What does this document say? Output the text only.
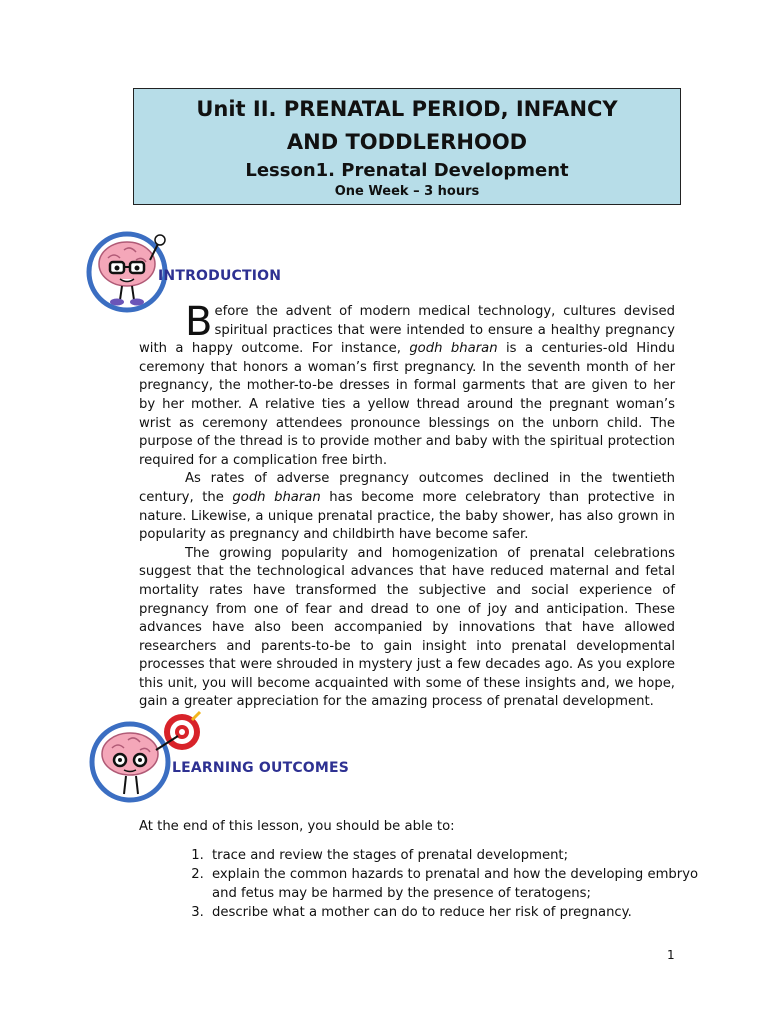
Unit II. PRENATAL PERIOD, INFANCY
AND TODDLERHOOD
Lesson1. Prenatal Development
One Week – 3 hours
INTRODUCTION

Before the advent of modern medical technology, cultures devised spiritual practices that were intended to ensure a healthy pregnancy with a happy outcome. For instance, godh bharan is a centuries-old Hindu ceremony that honors a woman’s first pregnancy. In the seventh month of her pregnancy, the mother-to-be dresses in formal garments that are given to her by her mother. A relative ties a yellow thread around the pregnant woman’s wrist as ceremony attendees pronounce blessings on the unborn child. The purpose of the thread is to provide mother and baby with the spiritual protection required for a complication free birth.

As rates of adverse pregnancy outcomes declined in the twentieth century, the godh bharan has become more celebratory than protective in nature. Likewise, a unique prenatal practice, the baby shower, has also grown in popularity as pregnancy and childbirth have become safer.

The growing popularity and homogenization of prenatal celebrations suggest that the technological advances that have reduced maternal and fetal mortality rates have transformed the subjective and social experience of pregnancy from one of fear and dread to one of joy and anticipation. These advances have also been accompanied by innovations that have allowed researchers and parents-to-be to gain insight into prenatal developmental processes that were shrouded in mystery just a few decades ago. As you explore this unit, you will become acquainted with some of these insights and, we hope, gain a greater appreciation for the amazing process of prenatal development.

LEARNING OUTCOMES
At the end of this lesson, you should be able to:
1. trace and review the stages of prenatal development;
2. explain the common hazards to prenatal and how the developing embryo and fetus may be harmed by the presence of teratogens;
3. describe what a mother can do to reduce her risk of pregnancy.
1
